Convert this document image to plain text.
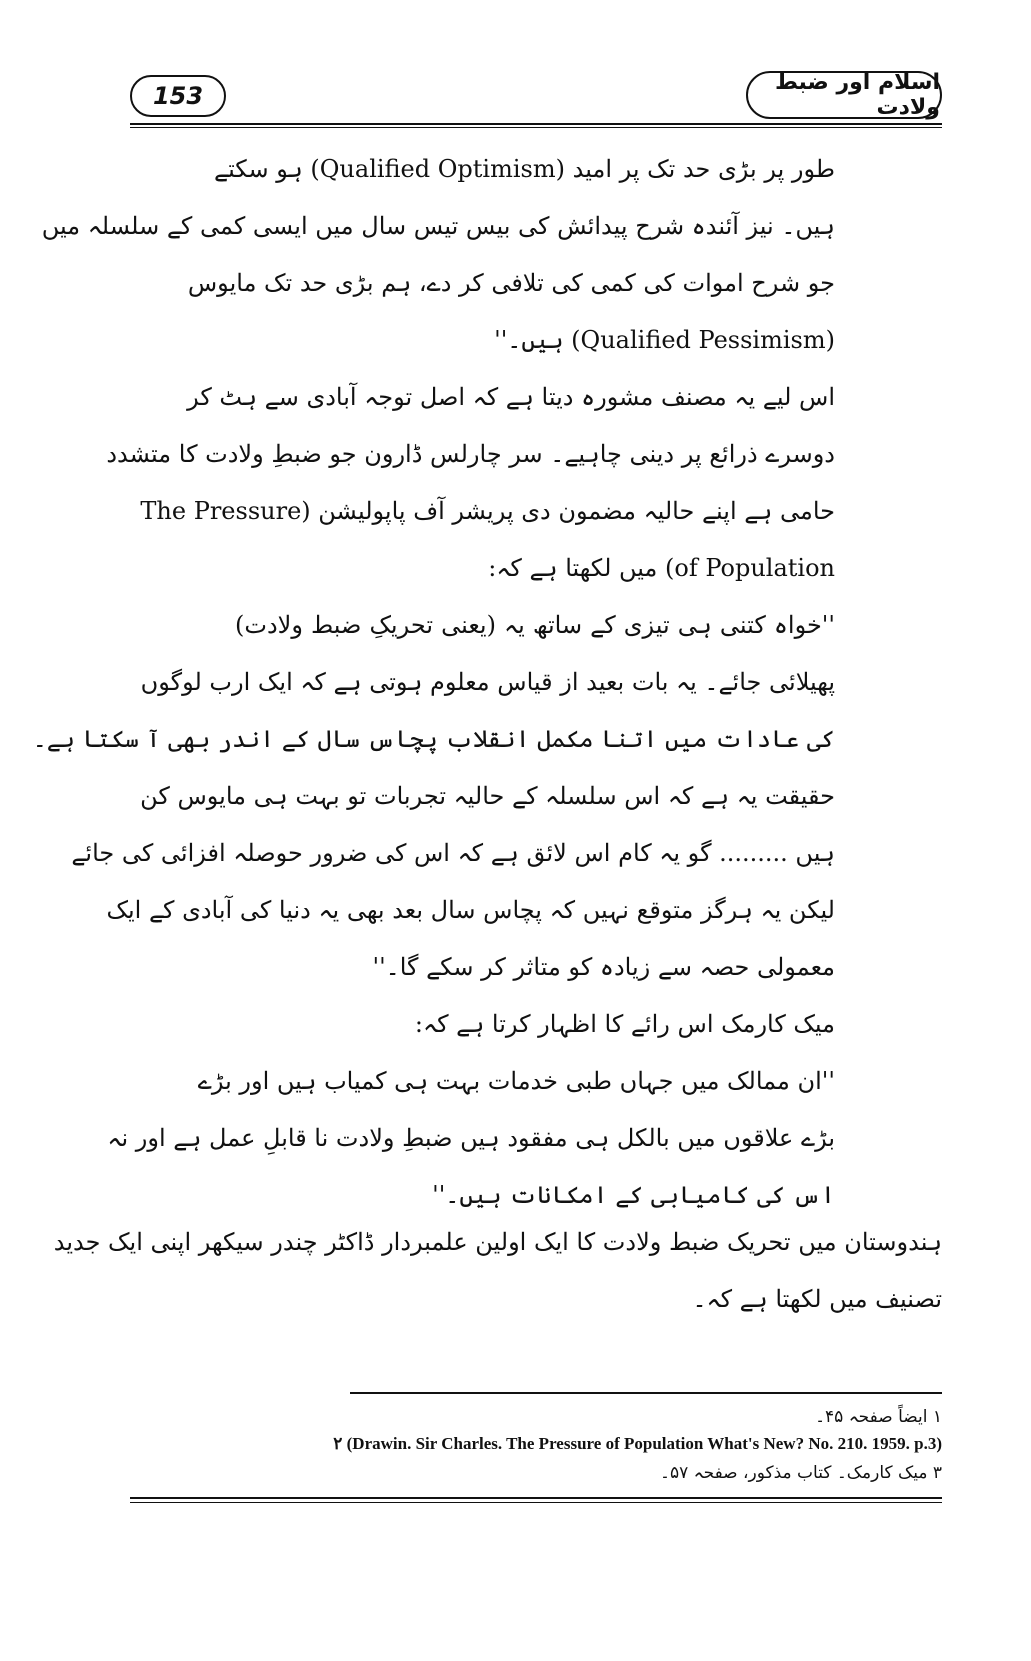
153	اسلام اور ضبط ولادت
طور پر بڑی حد تک پر امید (Qualified Optimism) ہو سکتے
ہیں۔ نیز آئندہ شرح پیدائش کی بیس تیس سال میں ایسی کمی کے سلسلہ میں
جو شرح اموات کی کمی کی تلافی کر دے، ہم بڑی حد تک مایوس
(Qualified Pessimism) ہیں۔''
اس لیے یہ مصنف مشورہ دیتا ہے کہ اصل توجہ آبادی سے ہٹ کر
دوسرے ذرائع پر دینی چاہیے۔ سر چارلس ڈارون جو ضبطِ ولادت کا متشدد
حامی ہے اپنے حالیہ مضمون دی پریشر آف پاپولیشن (The Pressure
of Population) میں لکھتا ہے کہ:
''خواہ کتنی ہی تیزی کے ساتھ یہ (یعنی تحریکِ ضبط ولادت)
پھیلائی جائے۔ یہ بات بعید از قیاس معلوم ہوتی ہے کہ ایک ارب لوگوں
کی عادات میں اتنا مکمل انقلاب پچاس سال کے اندر بھی آ سکتا ہے۔
حقیقت یہ ہے کہ اس سلسلہ کے حالیہ تجربات تو بہت ہی مایوس کن
ہیں ......... گو یہ کام اس لائق ہے کہ اس کی ضرور حوصلہ افزائی کی جائے
لیکن یہ ہرگز متوقع نہیں کہ پچاس سال بعد بھی یہ دنیا کی آبادی کے ایک
معمولی حصہ سے زیادہ کو متاثر کر سکے گا۔''
میک کارمک اس رائے کا اظہار کرتا ہے کہ:
''ان ممالک میں جہاں طبی خدمات بہت ہی کمیاب ہیں اور بڑے
بڑے علاقوں میں بالکل ہی مفقود ہیں ضبطِ ولادت نا قابلِ عمل ہے اور نہ
اس کی کامیابی کے امکانات ہیں۔''
ہندوستان میں تحریک ضبط ولادت کا ایک اولین علمبردار ڈاکٹر چندر سیکھر اپنی ایک جدید
تصنیف میں لکھتا ہے کہ۔
١ ایضاً صفحہ ۴۵۔
(Drawin. Sir Charles. The Pressure of Population What's New? No. 210. 1959. p.3) ٢
٣ میک کارمک۔ کتاب مذکور، صفحہ ۵۷۔
